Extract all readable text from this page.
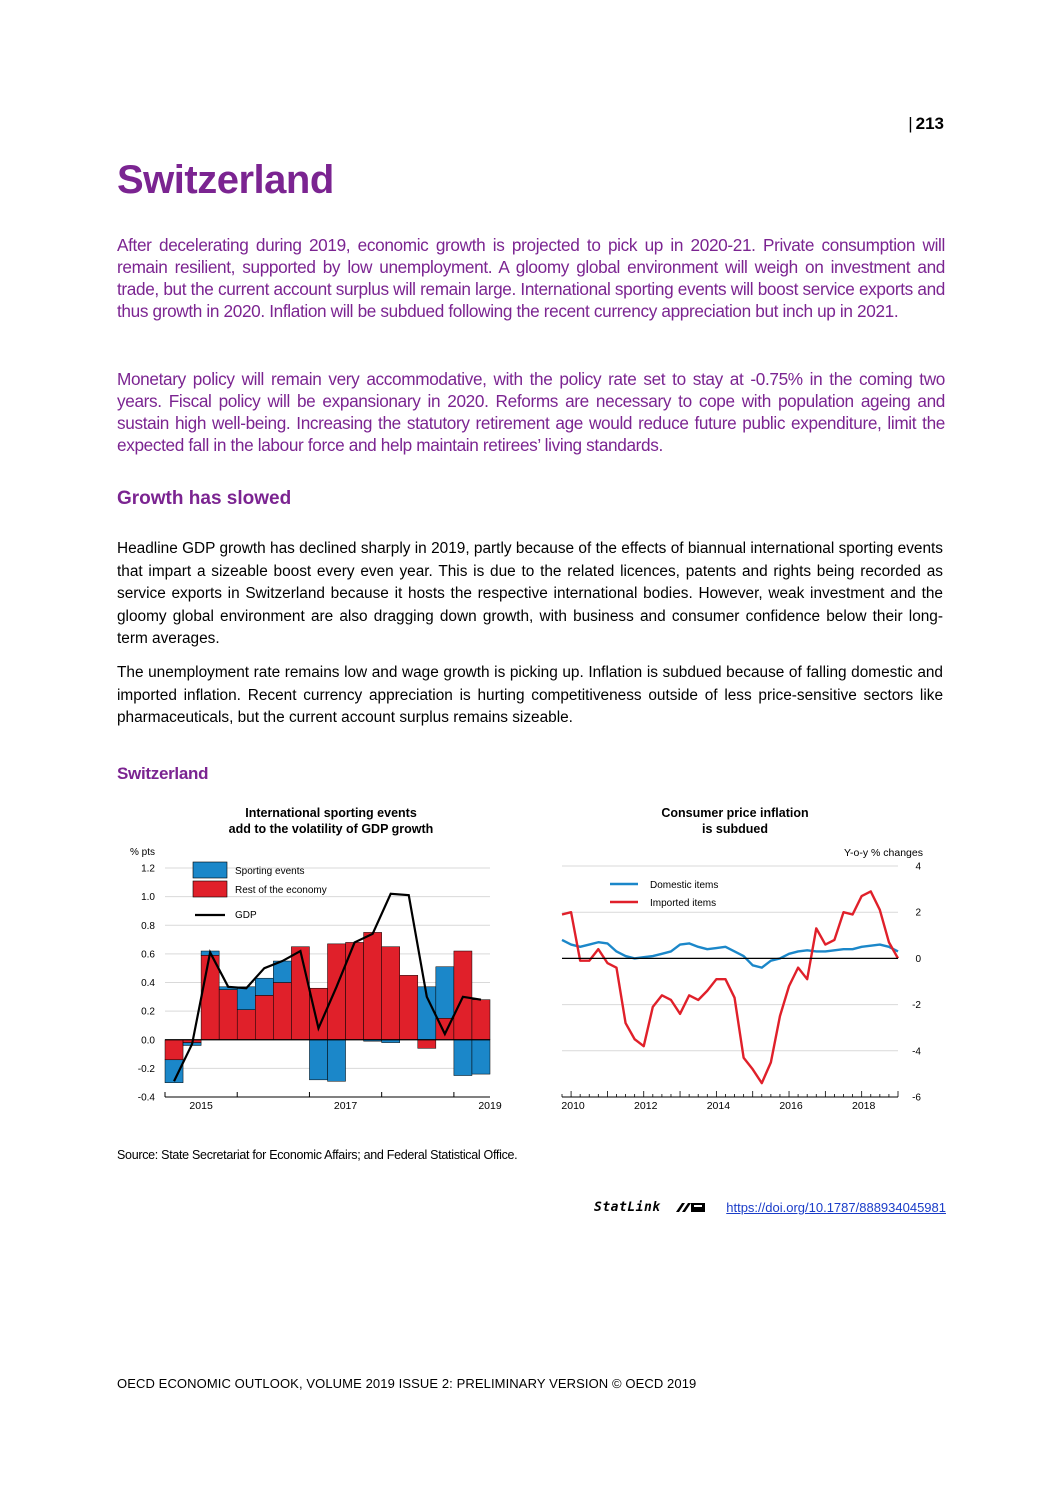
| 213
Switzerland

After decelerating during 2019, economic growth is projected to pick up in 2020-21. Private consumption will remain resilient, supported by low unemployment. A gloomy global environment will weigh on investment and trade, but the current account surplus will remain large. International sporting events will boost service exports and thus growth in 2020. Inflation will be subdued following the recent currency appreciation but inch up in 2021.

Monetary policy will remain very accommodative, with the policy rate set to stay at -0.75% in the coming two years. Fiscal policy will be expansionary in 2020. Reforms are necessary to cope with population ageing and sustain high well-being. Increasing the statutory retirement age would reduce future public expenditure, limit the expected fall in the labour force and help maintain retirees’ living standards.

Growth has slowed

Headline GDP growth has declined sharply in 2019, partly because of the effects of biannual international sporting events that impart a sizeable boost every even year. This is due to the related licences, patents and rights being recorded as service exports in Switzerland because it hosts the respective international bodies. However, weak investment and the gloomy global environment are also dragging down growth, with business and consumer confidence below their long-term averages.

The unemployment rate remains low and wage growth is picking up. Inflation is subdued because of falling domestic and imported inflation. Recent currency appreciation is hurting competitiveness outside of less price-sensitive sectors like pharmaceuticals, but the current account surplus remains sizeable.

Switzerland
International sporting events
add to the volatility of GDP growth
% pts
-0.4
-0.2
0.0
0.2
0.4
0.6
0.8
1.0
1.2
2015	2017	2019
Sporting events
Rest of the economy
GDP
Consumer price inflation
is subdued
Y-o-y % changes
-6
-4
-2
0
2
4
2010	2012	2014	2016	2018
Domestic items
Imported items
Source: State Secretariat for Economic Affairs; and Federal Statistical Office.
StatLink	https://doi.org/10.1787/888934045981
OECD ECONOMIC OUTLOOK, VOLUME 2019 ISSUE 2: PRELIMINARY VERSION © OECD 2019
